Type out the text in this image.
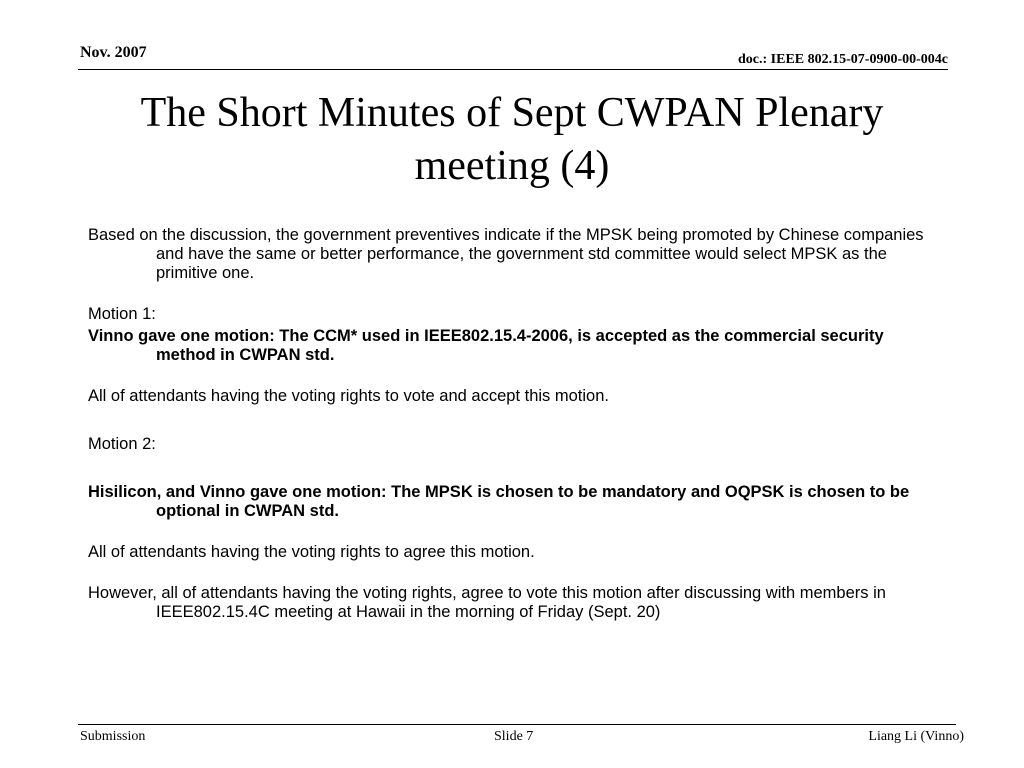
Nov. 2007	doc.: IEEE 802.15-07-0900-00-004c
The Short Minutes of Sept CWPAN Plenary
meeting (4)

Based on the discussion, the government preventives indicate if the MPSK being promoted by Chinese companies and have the same or better performance, the government std committee would select MPSK as the primitive one.

Motion 1:

Vinno gave one motion: The CCM* used in IEEE802.15.4-2006, is accepted as the commercial security method in CWPAN std.

All of attendants having the voting rights to vote and accept this motion.

Motion 2:

Hisilicon, and Vinno gave one motion: The MPSK is chosen to be mandatory and OQPSK is chosen to be optional in CWPAN std.

All of attendants having the voting rights to agree this motion.

However, all of attendants having the voting rights, agree to vote this motion after discussing with members in IEEE802.15.4C meeting at Hawaii in the morning of Friday (Sept. 20)

Submission	Slide 7	Liang Li (Vinno)
